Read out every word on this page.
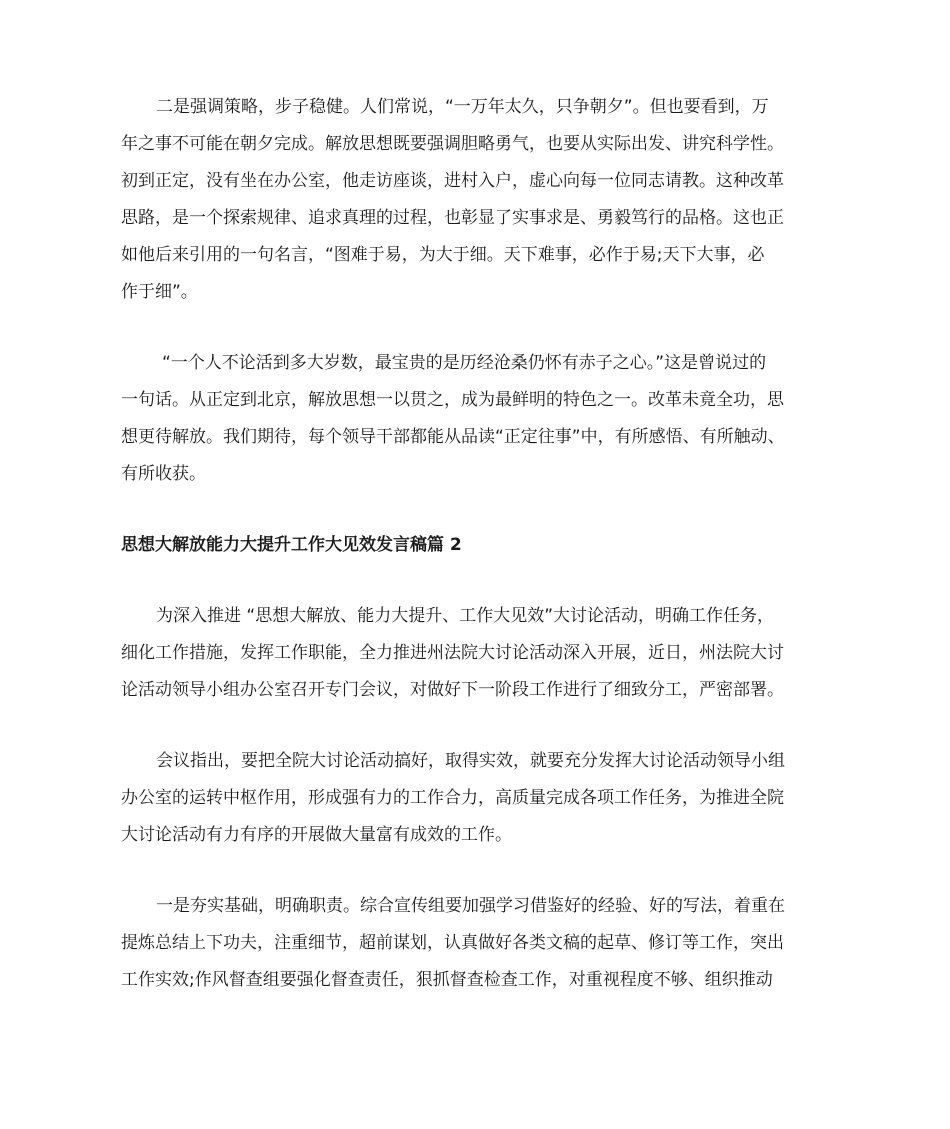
二是强调策略，步子稳健。人们常说，“一万年太久，只争朝夕”。但也要看到，万
年之事不可能在朝夕完成。解放思想既要强调胆略勇气，也要从实际出发、讲究科学性。
初到正定，没有坐在办公室，他走访座谈，进村入户，虚心向每一位同志请教。这种改革
思路，是一个探索规律、追求真理的过程，也彰显了实事求是、勇毅笃行的品格。这也正
如他后来引用的一句名言，“图难于易，为大于细。天下难事，必作于易;天下大事，必
作于细”。
“一个人不论活到多大岁数，最宝贵的是历经沧桑仍怀有赤子之心。”这是曾说过的
一句话。从正定到北京，解放思想一以贯之，成为最鲜明的特色之一。改革未竟全功，思
想更待解放。我们期待，每个领导干部都能从品读“正定往事”中，有所感悟、有所触动、
有所收获。
思想大解放能力大提升工作大见效发言稿篇 2
为深入推进 “思想大解放、能力大提升、工作大见效”大讨论活动，明确工作任务，
细化工作措施，发挥工作职能，全力推进州法院大讨论活动深入开展，近日，州法院大讨
论活动领导小组办公室召开专门会议，对做好下一阶段工作进行了细致分工，严密部署。
会议指出，要把全院大讨论活动搞好，取得实效，就要充分发挥大讨论活动领导小组
办公室的运转中枢作用，形成强有力的工作合力，高质量完成各项工作任务，为推进全院
大讨论活动有力有序的开展做大量富有成效的工作。
一是夯实基础，明确职责。综合宣传组要加强学习借鉴好的经验、好的写法，着重在
提炼总结上下功夫，注重细节，超前谋划，认真做好各类文稿的起草、修订等工作，突出
工作实效;作风督查组要强化督查责任，狠抓督查检查工作，对重视程度不够、组织推动
